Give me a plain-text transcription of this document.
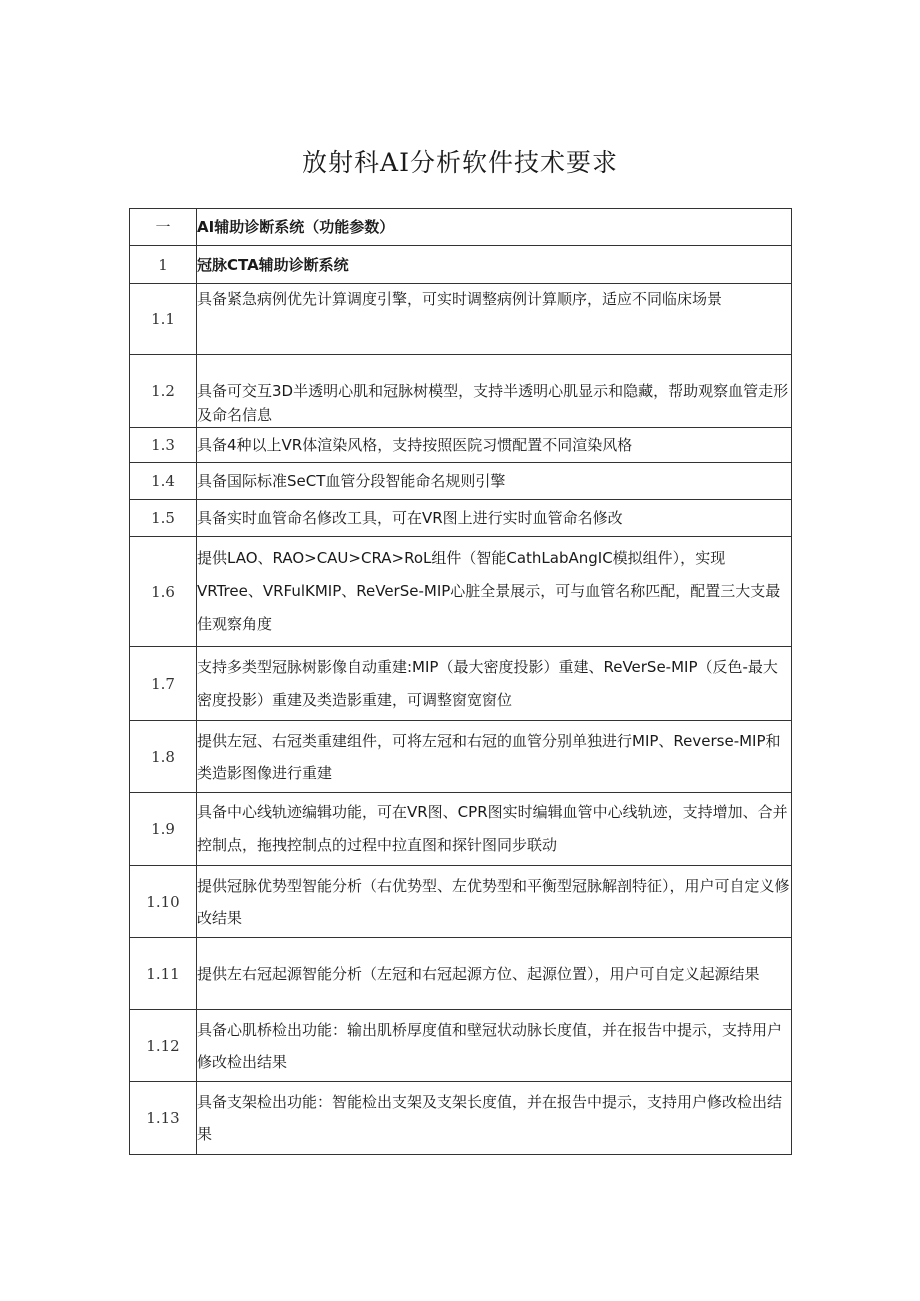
放射科AI分析软件技术要求
一	AI辅助诊断系统（功能参数）
1	冠脉CTA辅助诊断系统
1.1	具备紧急病例优先计算调度引擎，可实时调整病例计算顺序，适应不同临床场景
1.2	具备可交互3D半透明心肌和冠脉树模型，支持半透明心肌显示和隐藏，帮助观察血管走形及命名信息
1.3	具备4种以上VR体渲染风格，支持按照医院习惯配置不同渲染风格
1.4	具备国际标准SeCT血管分段智能命名规则引擎
1.5	具备实时血管命名修改工具，可在VR图上进行实时血管命名修改
1.6	提供LAO、RAO>CAU>CRA>RoL组件（智能CathLabAngIC模拟组件），实现VRTree、VRFulKMIP、ReVerSe-MIP心脏全景展示，可与血管名称匹配，配置三大支最佳观察角度
1.7	支持多类型冠脉树影像自动重建:MIP（最大密度投影）重建、ReVerSe-MIP（反色-最大密度投影）重建及类造影重建，可调整窗宽窗位
1.8	提供左冠、右冠类重建组件，可将左冠和右冠的血管分别单独进行MIP、Reverse-MIP和类造影图像进行重建
1.9	具备中心线轨迹编辑功能，可在VR图、CPR图实时编辑血管中心线轨迹，支持增加、合并控制点，拖拽控制点的过程中拉直图和探针图同步联动
1.10	提供冠脉优势型智能分析（右优势型、左优势型和平衡型冠脉解剖特征），用户可自定义修改结果
1.11	提供左右冠起源智能分析（左冠和右冠起源方位、起源位置），用户可自定义起源结果
1.12	具备心肌桥检出功能：输出肌桥厚度值和壁冠状动脉长度值，并在报告中提示，支持用户修改检出结果
1.13	具备支架检出功能：智能检出支架及支架长度值，并在报告中提示，支持用户修改检出结果
